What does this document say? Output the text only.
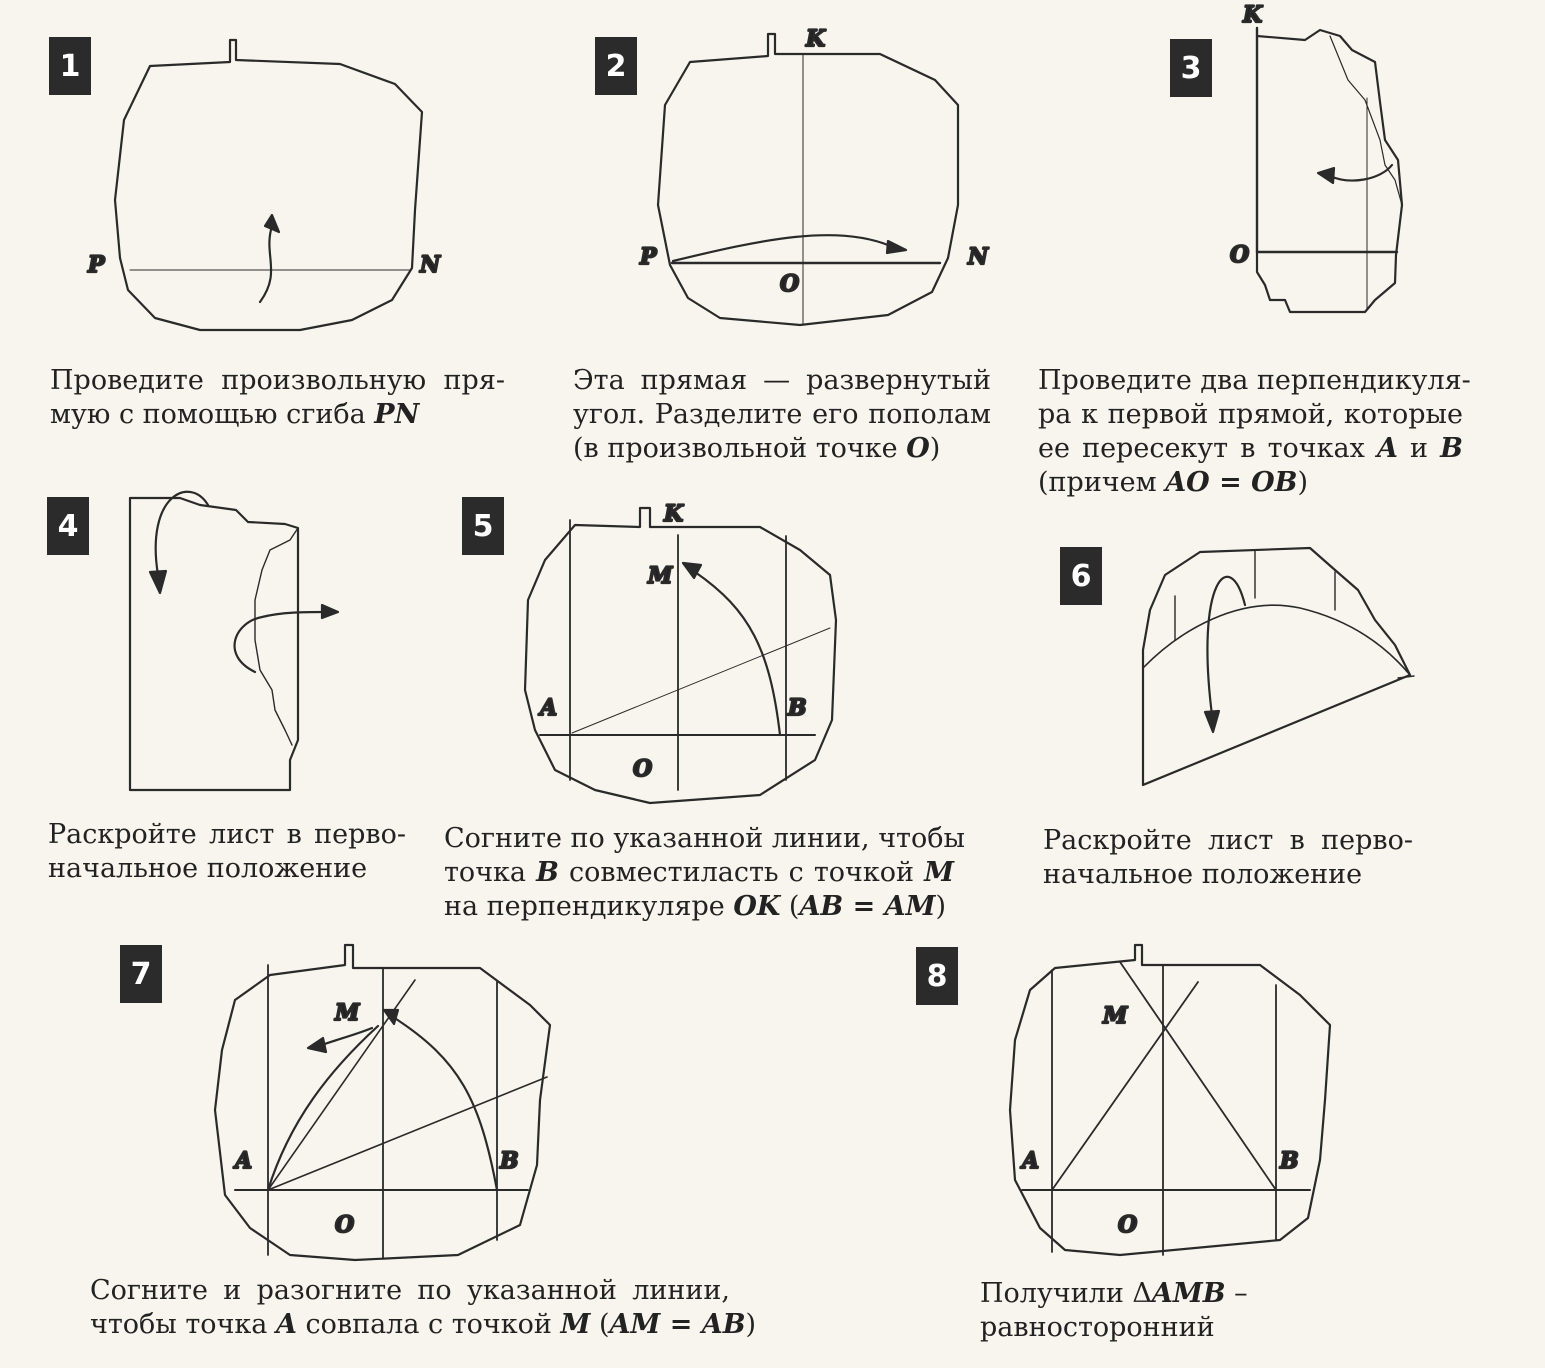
P	N
K
P	N
O
K
O
K
M
A	B
O
M
A	B
O
M
A	B
O
1	2	3
4	5
6
7	8
Проведите произвольную пря-
мую с помощью сгиба PN
Эта прямая — развернутый
угол. Разделите его пополам
(в произвольной точке O)
Проведите два перпендикуля-
ра к первой прямой, которые
ее пересекут в точках A и B
(причем AO = OB)
Раскройте лист в перво-
начальное положение
Согните по указанной линии, чтобы
точка B совместиласть с точкой M
на перпендикуляре OK (AB = AM)
Раскройте лист в перво-
начальное положение
Согните и разогните по указанной линии,
чтобы точка A совпала с точкой M (AM = AB)
Получили ΔAMB –
равносторонний
